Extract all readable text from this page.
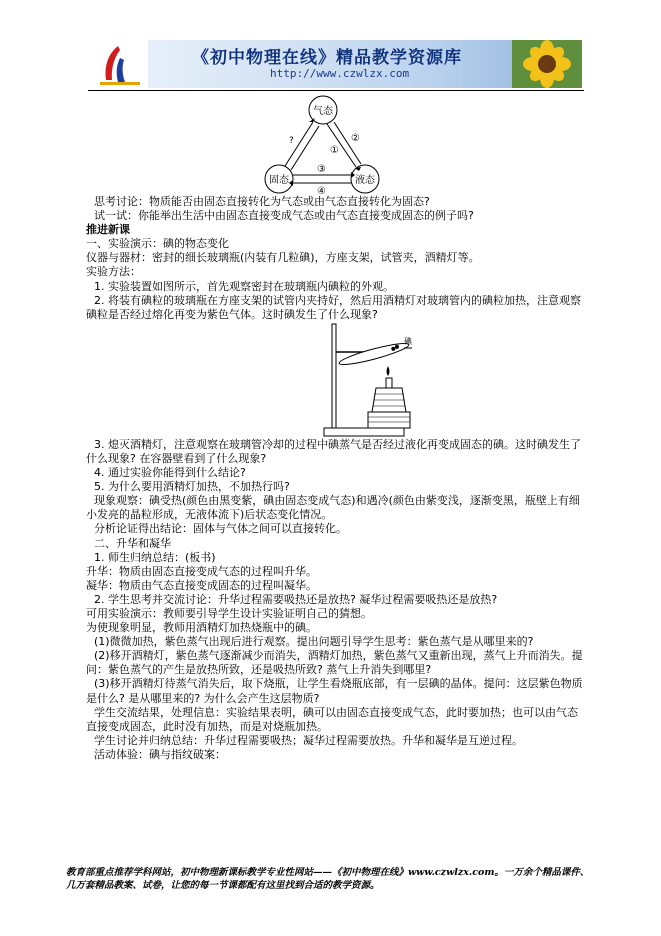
《初中物理在线》精品教学资源库
http://www.czwlzx.com
气态
固态	液态
?
①
②
③
④

思考讨论：物质能否由固态直接转化为气态或由气态直接转化为固态?

试一试：你能举出生活中由固态直接变成气态或由气态直接变成固态的例子吗?

推进新课

一、实验演示：碘的物态变化

仪器与器材：密封的细长玻璃瓶(内装有几粒碘)，方座支架，试管夹，酒精灯等。

实验方法：

1. 实验装置如图所示，首先观察密封在玻璃瓶内碘粒的外观。

2. 将装有碘粒的玻璃瓶在方座支架的试管内夹持好，然后用酒精灯对玻璃管内的碘粒加热，注意观察碘粒是否经过熔化再变为紫色气体。这时碘发生了什么现象?

碘

3. 熄灭酒精灯，注意观察在玻璃管冷却的过程中碘蒸气是否经过液化再变成固态的碘。这时碘发生了什么现象? 在容器壁看到了什么现象?

4. 通过实验你能得到什么结论?

5. 为什么要用酒精灯加热，不加热行吗?

现象观察：碘受热(颜色由黑变紫，碘由固态变成气态)和遇冷(颜色由紫变浅，逐渐变黑，瓶壁上有细小发亮的晶粒形成，无液体流下)后状态变化情况。

分析论证得出结论：固体与气体之间可以直接转化。

二、升华和凝华

1. 师生归纳总结：(板书)

升华：物质由固态直接变成气态的过程叫升华。

凝华：物质由气态直接变成固态的过程叫凝华。

2. 学生思考并交流讨论：升华过程需要吸热还是放热? 凝华过程需要吸热还是放热?

可用实验演示：教师要引导学生设计实验证明自己的猜想。

为使现象明显，教师用酒精灯加热烧瓶中的碘。

(1)微微加热，紫色蒸气出现后进行观察。提出问题引导学生思考：紫色蒸气是从哪里来的?

(2)移开酒精灯，紫色蒸气逐渐减少而消失，酒精灯加热，紫色蒸气又重新出现，蒸气上升而消失。提问：紫色蒸气的产生是放热所致，还是吸热所致? 蒸气上升消失到哪里?

(3)移开酒精灯待蒸气消失后，取下烧瓶，让学生看烧瓶底部，有一层碘的晶体。提问：这层紫色物质是什么? 是从哪里来的? 为什么会产生这层物质?

学生交流结果，处理信息：实验结果表明，碘可以由固态直接变成气态，此时要加热；也可以由气态直接变成固态，此时没有加热，而是对烧瓶加热。

学生讨论并归纳总结：升华过程需要吸热；凝华过程需要放热。升华和凝华是互逆过程。

活动体验：碘与指纹破案：

教育部重点推荐学科网站，初中物理新课标教学专业性网站——《初中物理在线》www.czwlzx.com。一万余个精品课件、
几万套精品教案、试卷，让您的每一节课都配有这里找到合适的教学资源。
